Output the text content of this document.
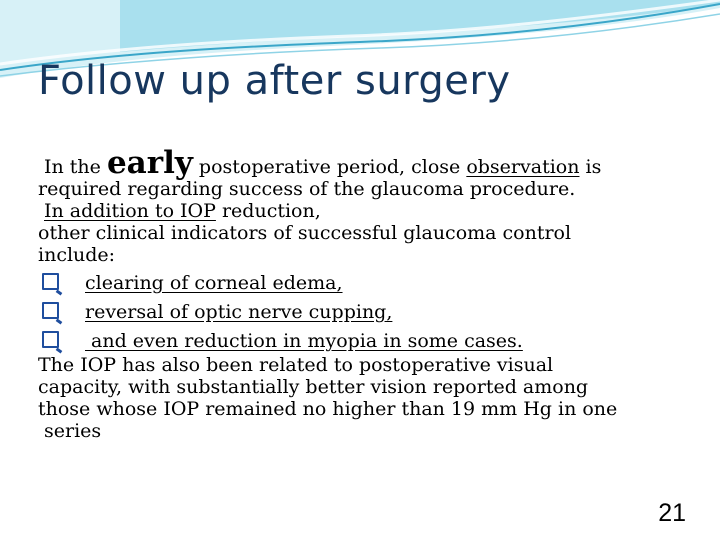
Follow up after surgery
In the early postoperative period, close observation is
required regarding success of the glaucoma procedure.
In addition to IOP reduction,
other clinical indicators of successful glaucoma control
include:
clearing of corneal edema,
reversal of optic nerve cupping,
and even reduction in myopia in some cases.
The IOP has also been related to postoperative visual
capacity, with substantially better vision reported among
those whose IOP remained no higher than 19 mm Hg in one
series
21
